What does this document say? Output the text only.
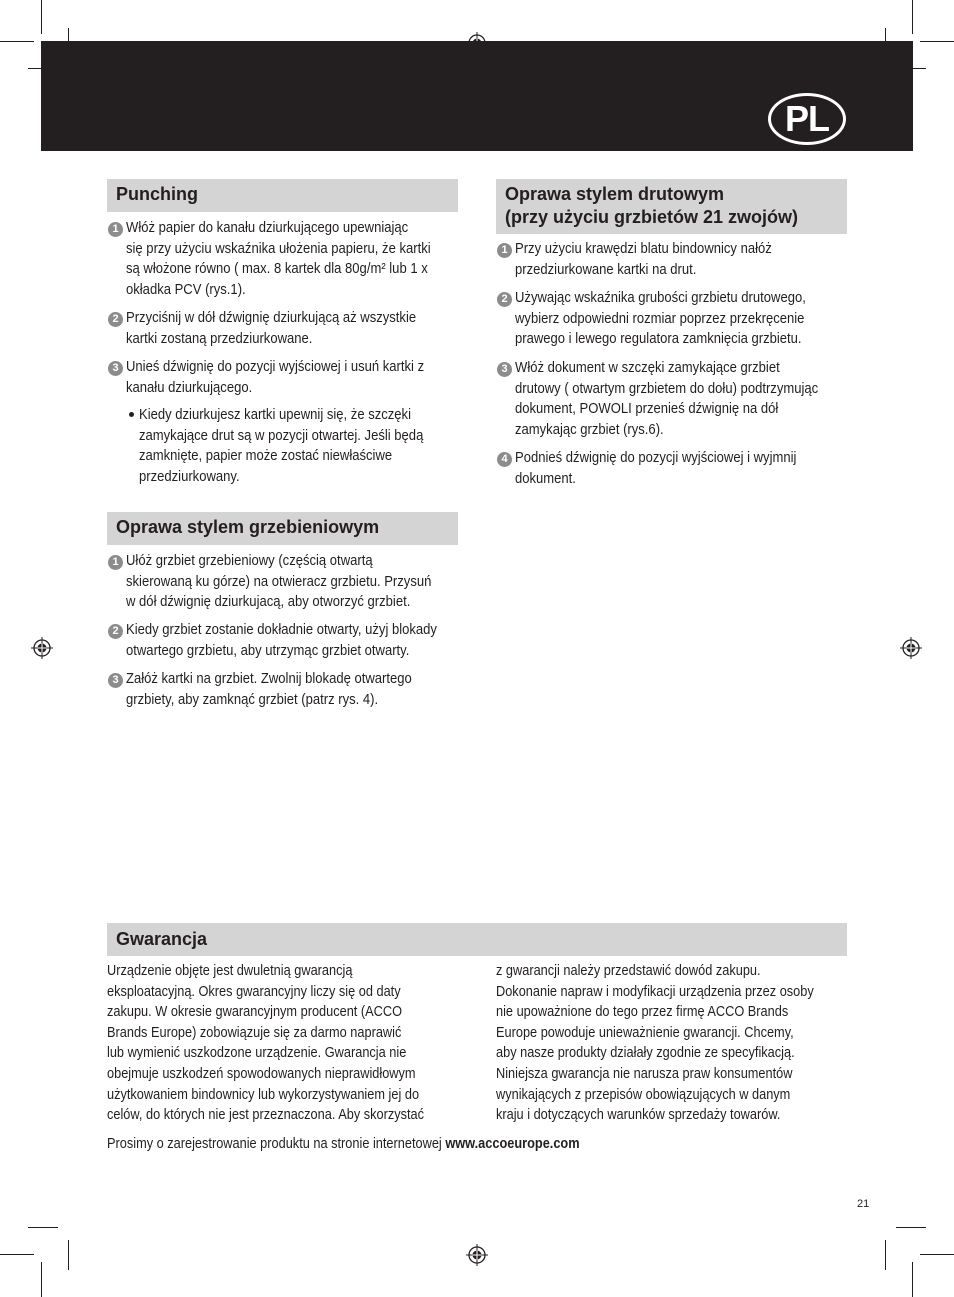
PL
Punching
1 Włóż papier do kanału dziurkującego upewniając
się przy użyciu wskaźnika ułożenia papieru, że kartki
są włożone równo ( max. 8 kartek dla 80g/m² lub 1 x
okładka PCV (rys.1).
2 Przyciśnij w dół dźwignię dziurkującą aż wszystkie
kartki zostaną przedziurkowane.
3 Unieś dźwignię do pozycji wyjściowej i usuń kartki z
kanału dziurkującego.
Kiedy dziurkujesz kartki upewnij się, że szczęki
zamykające drut są w pozycji otwartej. Jeśli będą
zamknięte, papier może zostać niewłaściwe
przedziurkowany.
Oprawa stylem grzebieniowym
1 Ułóż grzbiet grzebieniowy (częścią otwartą
skierowaną ku górze) na otwieracz grzbietu. Przysuń
w dół dźwignię dziurkujacą, aby otworzyć grzbiet.
2 Kiedy grzbiet zostanie dokładnie otwarty, użyj blokady
otwartego grzbietu, aby utrzymąc grzbiet otwarty.
3 Załóż kartki na grzbiet. Zwolnij blokadę otwartego
grzbiety, aby zamknąć grzbiet (patrz rys. 4).
Oprawa stylem drutowym
(przy użyciu grzbietów 21 zwojów)
1 Przy użyciu krawędzi blatu bindownicy nałóż
przedziurkowane kartki na drut.
2 Używając wskaźnika grubości grzbietu drutowego,
wybierz odpowiedni rozmiar poprzez przekręcenie
prawego i lewego regulatora zamknięcia grzbietu.
3 Włóż dokument w szczęki zamykające grzbiet
drutowy ( otwartym grzbietem do dołu) podtrzymując
dokument, POWOLI przenieś dźwignię na dół
zamykając grzbiet (rys.6).
4 Podnieś dźwignię do pozycji wyjściowej i wyjmnij
dokument.
Gwarancja
Urządzenie objęte jest dwuletnią gwarancją
eksploatacyjną. Okres gwarancyjny liczy się od daty
zakupu. W okresie gwarancyjnym producent (ACCO
Brands Europe) zobowiązuje się za darmo naprawić
lub wymienić uszkodzone urządzenie. Gwarancja nie
obejmuje uszkodzeń spowodowanych nieprawidłowym
użytkowaniem bindownicy lub wykorzystywaniem jej do
celów, do których nie jest przeznaczona. Aby skorzystać
z gwarancji należy przedstawić dowód zakupu.
Dokonanie napraw i modyfikacji urządzenia przez osoby
nie upoważnione do tego przez firmę ACCO Brands
Europe powoduje unieważnienie gwarancji. Chcemy,
aby nasze produkty działały zgodnie ze specyfikacją.
Niniejsza gwarancja nie narusza praw konsumentów
wynikających z przepisów obowiązujących w danym
kraju i dotyczących warunków sprzedaży towarów.
Prosimy o zarejestrowanie produktu na stronie internetowej www.accoeurope.com
21
